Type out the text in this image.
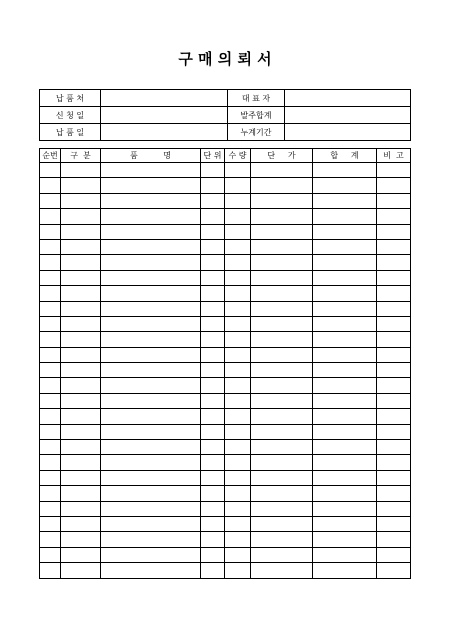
구 매 의 뢰 서
납 품 처		대 표 자	
신 청 일		발주합계	
납 품 일		누계기간	
순번	구  분	품          명	단 위	수 량	단     가	합     계	비  고
